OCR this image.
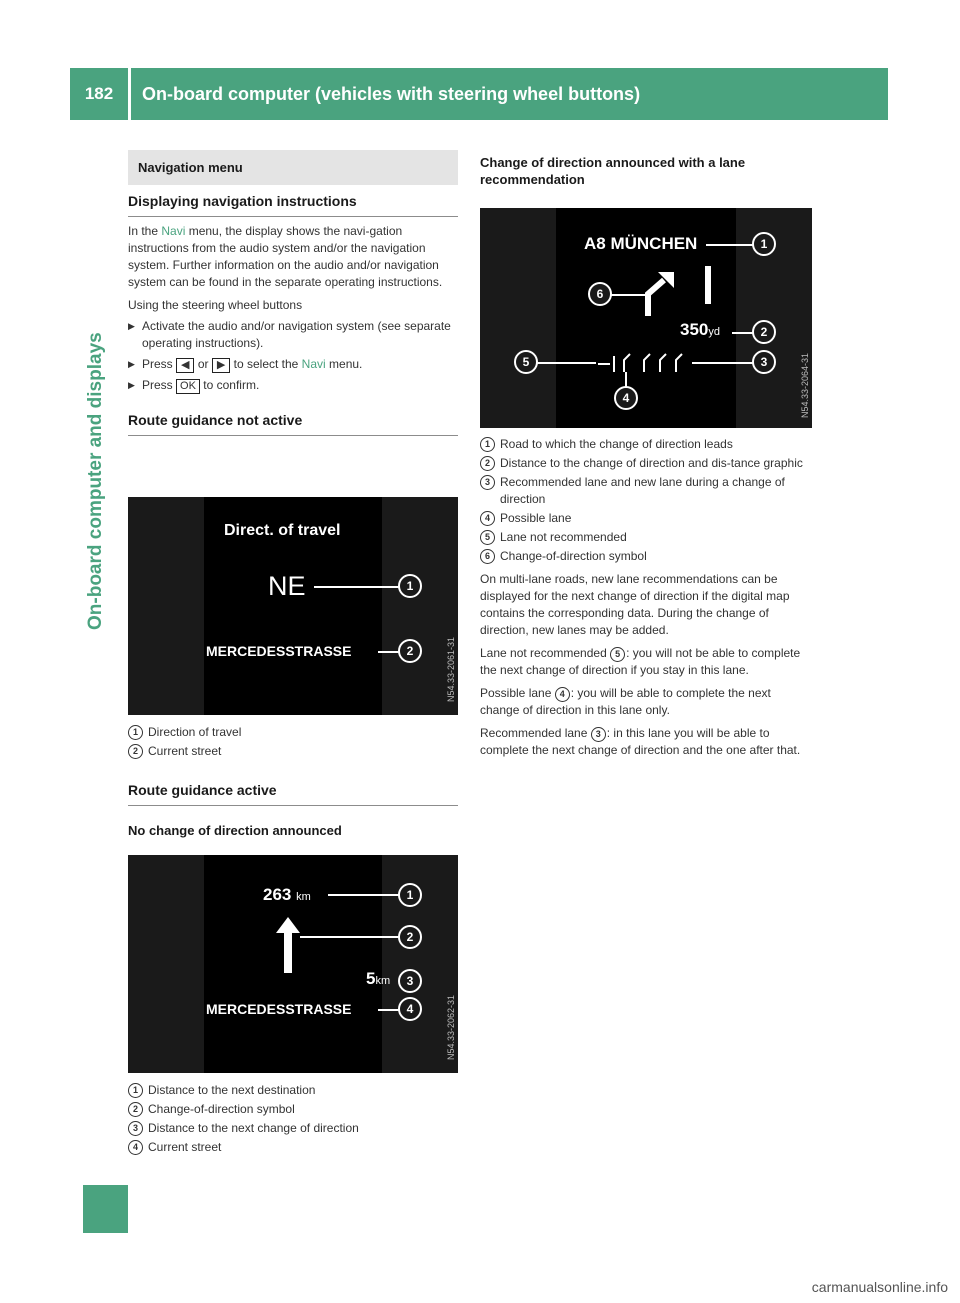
182	On-board computer (vehicles with steering wheel buttons)
On-board computer and displays
Navigation menu
Displaying navigation instructions

In the Navi menu, the display shows the navi-gation instructions from the audio system and/or the navigation system. Further information on the audio and/or navigation system can be found in the separate operating instructions.

Using the steering wheel buttons

▶ Activate the audio and/or navigation system (see separate operating instructions).
▶ Press ◀ or ▶ to select the Navi menu.
▶ Press OK to confirm.
Route guidance not active
Direct. of travel
NE	1
MERCEDESSTRASSE	2	N54.33-2061-31
1 Direction of travel
2 Current street
Route guidance active
No change of direction announced
263 km	1
2
5km	3
MERCEDESSTRASSE	4	N54.33-2062-31
1 Distance to the next destination
2 Change-of-direction symbol
3 Distance to the next change of direction
4 Current street
Change of direction announced with a lane recommendation
A8 MÜNCHEN	1
6
350yd	2
5	3
4	N54.33-2064-31
1 Road to which the change of direction leads
2 Distance to the change of direction and dis-tance graphic
3 Recommended lane and new lane during a change of direction
4 Possible lane
5 Lane not recommended
6 Change-of-direction symbol

On multi-lane roads, new lane recommendations can be displayed for the next change of direction if the digital map contains the corresponding data. During the change of direction, new lanes may be added.

Lane not recommended 5 : you will not be able to complete the next change of direction if you stay in this lane.

Possible lane 4 : you will be able to complete the next change of direction in this lane only.

Recommended lane 3 : in this lane you will be able to complete the next change of direction and the one after that.

carmanualsonline.info
